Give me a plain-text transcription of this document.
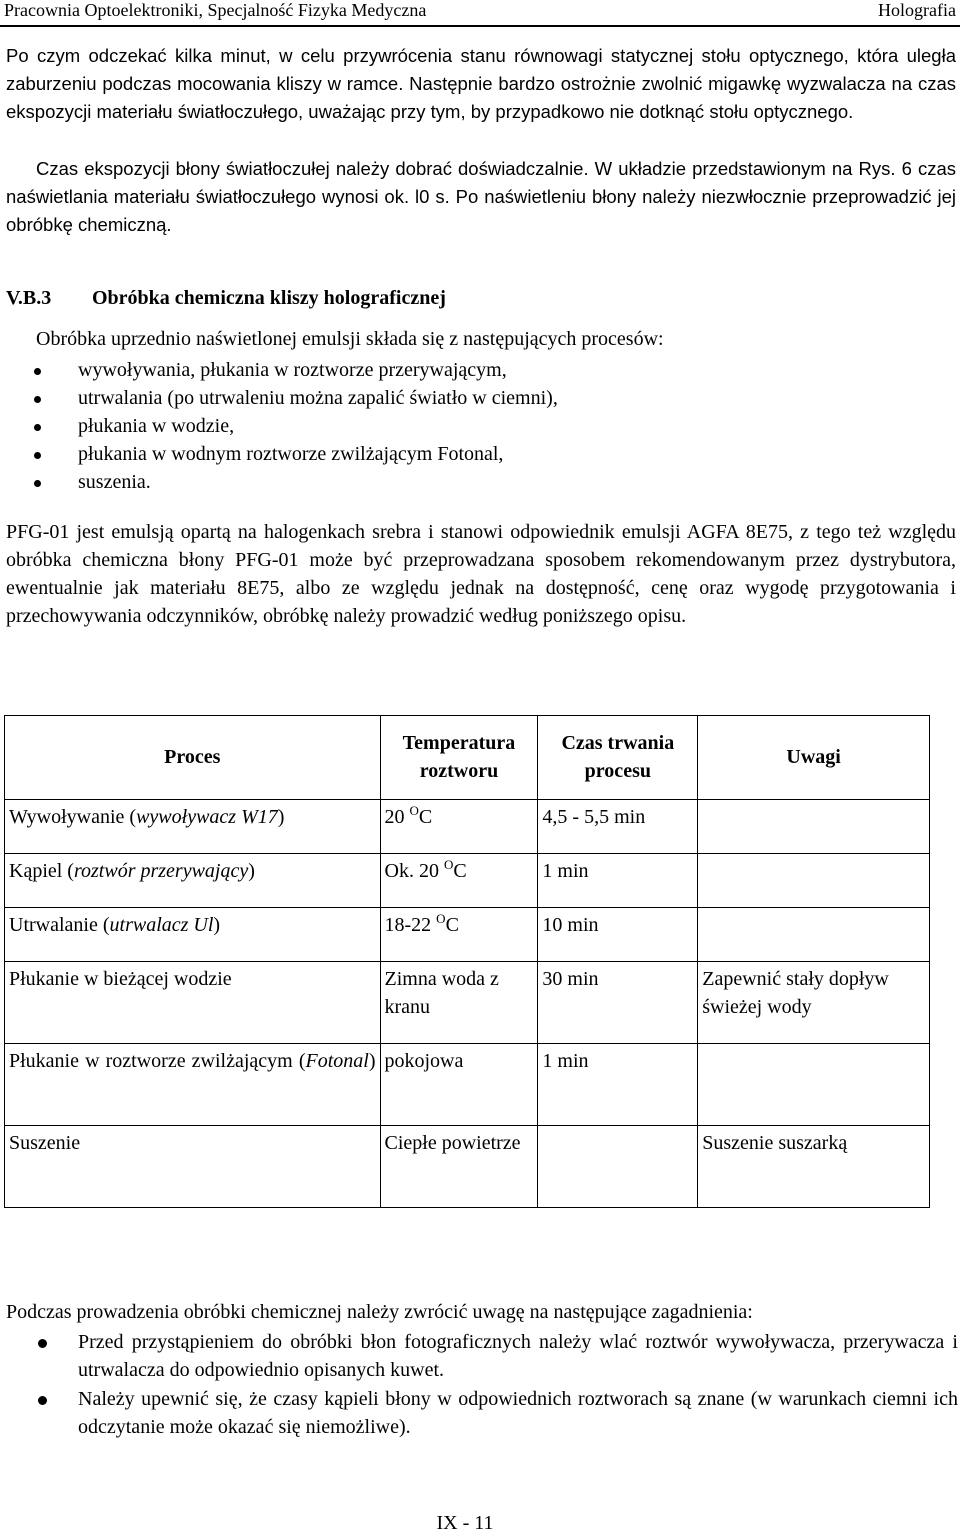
Pracownia Optoelektroniki, Specjalność Fizyka Medyczna	Holografia

Po czym odczekać kilka minut, w celu przywrócenia stanu równowagi statycznej stołu optycznego, która uległa zaburzeniu podczas mocowania kliszy w ramce. Następnie bardzo ostrożnie zwolnić migawkę wyzwalacza na czas ekspozycji materiału światłoczułego, uważając przy tym, by przypadkowo nie dotknąć stołu optycznego.

Czas ekspozycji błony światłoczułej należy dobrać doświadczalnie. W układzie przedstawionym na Rys. 6 czas naświetlania materiału światłoczułego wynosi ok. l0 s. Po naświetleniu błony należy niezwłocznie przeprowadzić jej obróbkę chemiczną.

V.B.3 Obróbka chemiczna kliszy holograficznej

Obróbka uprzednio naświetlonej emulsji składa się z następujących procesów:

wywoływania, płukania w roztworze przerywającym,
utrwalania (po utrwaleniu można zapalić światło w ciemni),
płukania w wodzie,
płukania w wodnym roztworze zwilżającym Fotonal,
suszenia.

PFG-01 jest emulsją opartą na halogenkach srebra i stanowi odpowiednik emulsji AGFA 8E75, z tego też względu obróbka chemiczna błony PFG-01 może być przeprowadzana sposobem rekomendowanym przez dystrybutora, ewentualnie jak materiału 8E75, albo ze względu jednak na dostępność, cenę oraz wygodę przygotowania i przechowywania odczynników, obróbkę należy prowadzić według poniższego opisu.

Proces	Temperatura roztworu	Czas trwania procesu	Uwagi
Wywoływanie (wywoływacz W17)	20 $^O$C	4,5 - 5,5 min	
Kąpiel (roztwór przerywający)	Ok. 20 $^O$C	1 min	
Utrwalanie (utrwalacz Ul)	18-22 $^O$C	10 min	
Płukanie w bieżącej wodzie	Zimna woda z kranu	30 min	Zapewnić stały dopływ świeżej wody
Płukanie w roztworze zwilżającym (Fotonal)	pokojowa	1 min	
Suszenie	Ciepłe powietrze		Suszenie suszarką

Podczas prowadzenia obróbki chemicznej należy zwrócić uwagę na następujące zagadnienia:

Przed przystąpieniem do obróbki błon fotograficznych należy wlać roztwór wywoływacza, przerywacza i utrwalacza do odpowiednio opisanych kuwet.
Należy upewnić się, że czasy kąpieli błony w odpowiednich roztworach są znane (w warunkach ciemni ich odczytanie może okazać się niemożliwe).
IX - 11
